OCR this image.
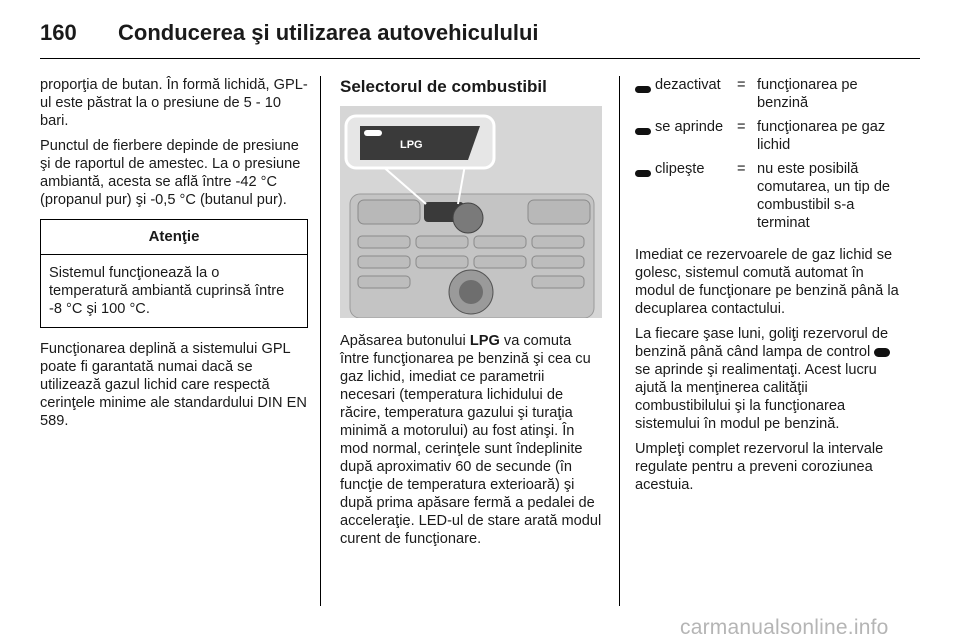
160 Conducerea şi utilizarea autovehiculului

proporţia de butan. În formă lichidă, GPL-ul este păstrat la o presiune de 5 - 10 bari.

Punctul de fierbere depinde de presiune şi de raportul de amestec. La o presiune ambiantă, acesta se află între -42 °C (propanul pur) şi -0,5 °C (butanul pur).

Atenţie
Sistemul funcţionează la o temperatură ambiantă cuprinsă între -8 °C şi 100 °C.

Funcţionarea deplină a sistemului GPL poate fi garantată numai dacă se utilizează gazul lichid care respectă cerinţele minime ale standardului DIN EN 589.

Selectorul de combustibil
LPG

Apăsarea butonului LPG va comuta între funcţionarea pe benzină şi cea cu gaz lichid, imediat ce parametrii necesari (temperatura lichidului de răcire, temperatura gazului şi turaţia minimă a motorului) au fost atinşi. În mod normal, cerinţele sunt îndeplinite după aproximativ 60 de secunde (în funcţie de temperatura exterioară) şi după prima apăsare fermă a pedalei de acceleraţie. LED-ul de stare arată modul curent de funcţionare.

dezactivat	= funcţionarea pe benzină
se aprinde = funcţionarea pe gaz lichid
clipeşte	= nu este posibilă comutarea, un tip de combustibil s-a terminat

Imediat ce rezervoarele de gaz lichid se golesc, sistemul comută automat în modul de funcţionare pe benzină până la decuplarea contactului.

La fiecare şase luni, goliţi rezervorul de benzină până când lampa de control  se aprinde şi realimentaţi. Acest lucru ajută la menţinerea calităţii combustibilului şi la funcţionarea sistemului în modul pe benzină.

Umpleţi complet rezervorul la intervale regulate pentru a preveni coroziunea acestuia.

carmanualsonline.info
